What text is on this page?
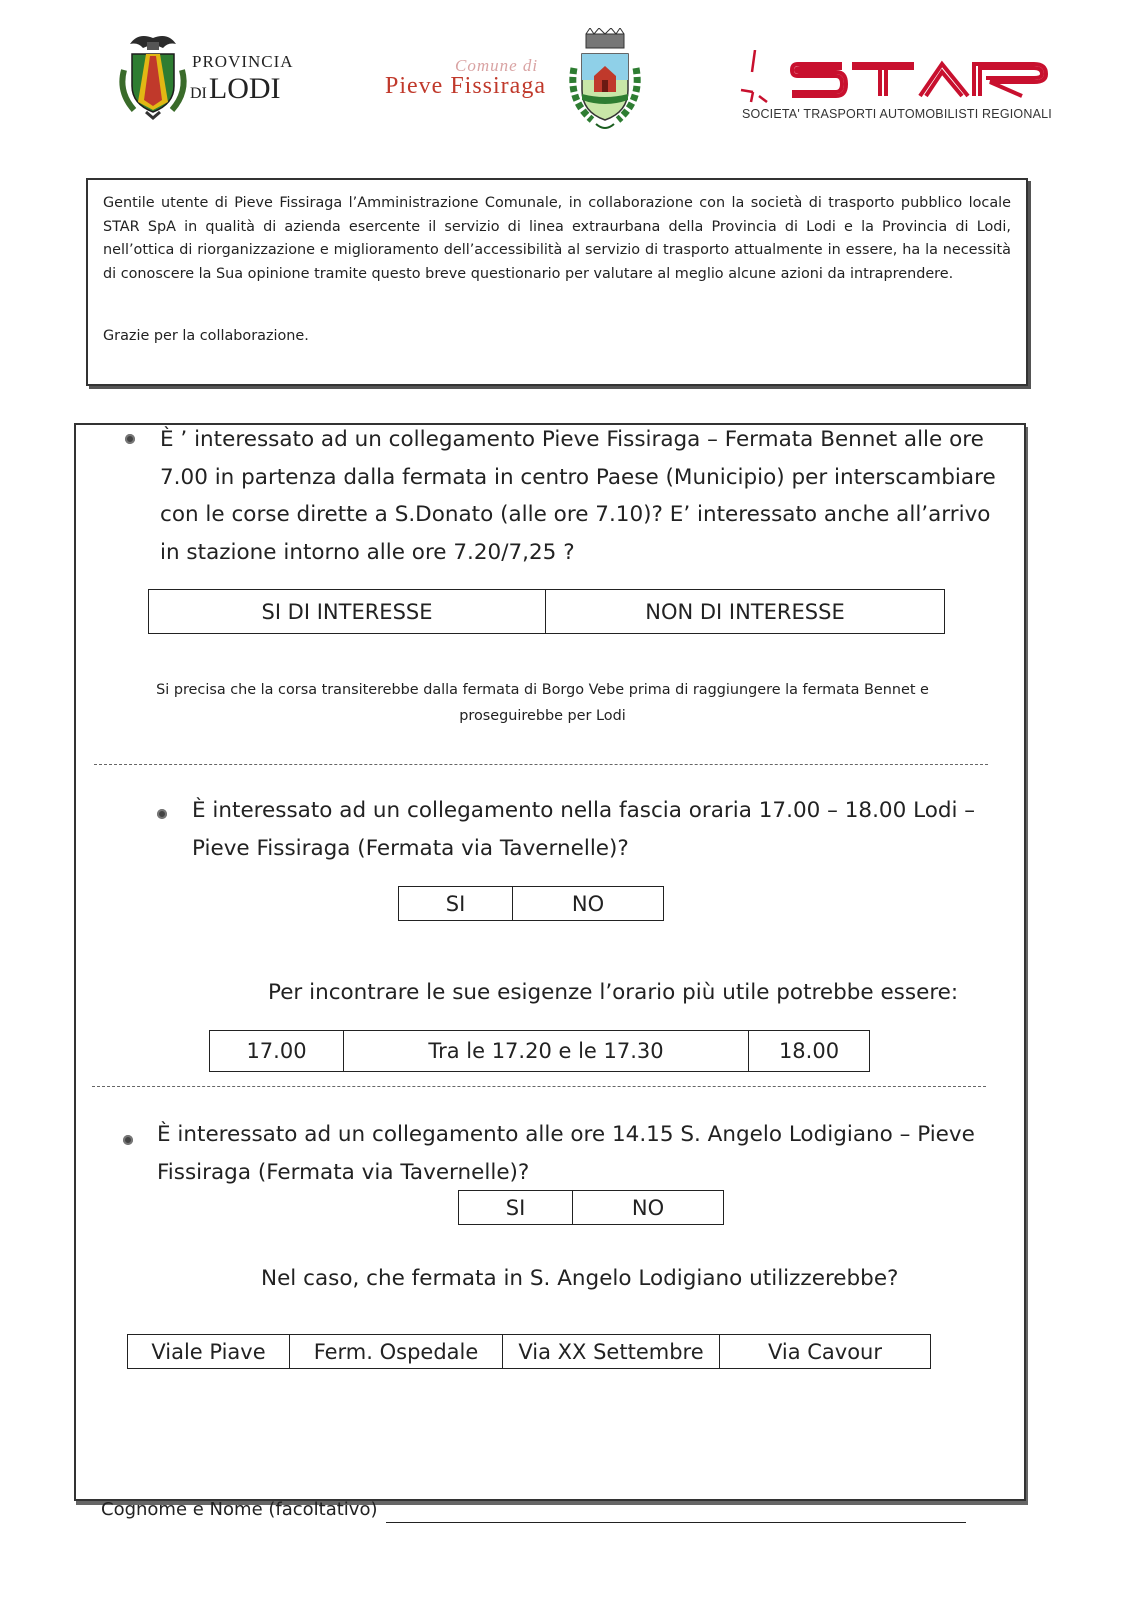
PROVINCIA
DILODI
Comune di
Pieve Fissiraga
SOCIETA' TRASPORTI AUTOMOBILISTI REGIONALI
Gentile utente di Pieve Fissiraga l’Amministrazione Comunale, in collaborazione con la società di trasporto pubblico locale STAR SpA in qualità di azienda esercente il servizio di linea extraurbana della Provincia di Lodi e la Provincia di Lodi, nell’ottica di riorganizzazione e miglioramento dell’accessibilità al servizio di trasporto attualmente in essere, ha la necessità di conoscere la Sua opinione tramite questo breve questionario per valutare al meglio alcune azioni da intraprendere.
Grazie per la collaborazione.
È ’ interessato ad un collegamento Pieve Fissiraga – Fermata Bennet alle ore
7.00 in partenza dalla fermata in centro Paese (Municipio) per interscambiare
con le corse dirette a S.Donato (alle ore 7.10)? E’ interessato anche all’arrivo
in stazione intorno alle ore 7.20/7,25 ?
SI DI INTERESSE	NON DI INTERESSE
Si precisa che la corsa transiterebbe dalla fermata di Borgo Vebe prima di raggiungere la fermata Bennet e
proseguirebbe per Lodi
È interessato ad un collegamento nella fascia oraria 17.00 – 18.00 Lodi –
Pieve Fissiraga (Fermata via Tavernelle)?
SI	NO
Per incontrare le sue esigenze l’orario più utile potrebbe essere:
17.00	Tra le 17.20 e le 17.30	18.00
È interessato ad un collegamento alle ore 14.15 S. Angelo Lodigiano – Pieve
Fissiraga (Fermata via Tavernelle)?
SI	NO
Nel caso, che fermata in S. Angelo Lodigiano utilizzerebbe?
Viale Piave	Ferm. Ospedale	Via XX Settembre	Via Cavour
Cognome e Nome (facoltativo)
